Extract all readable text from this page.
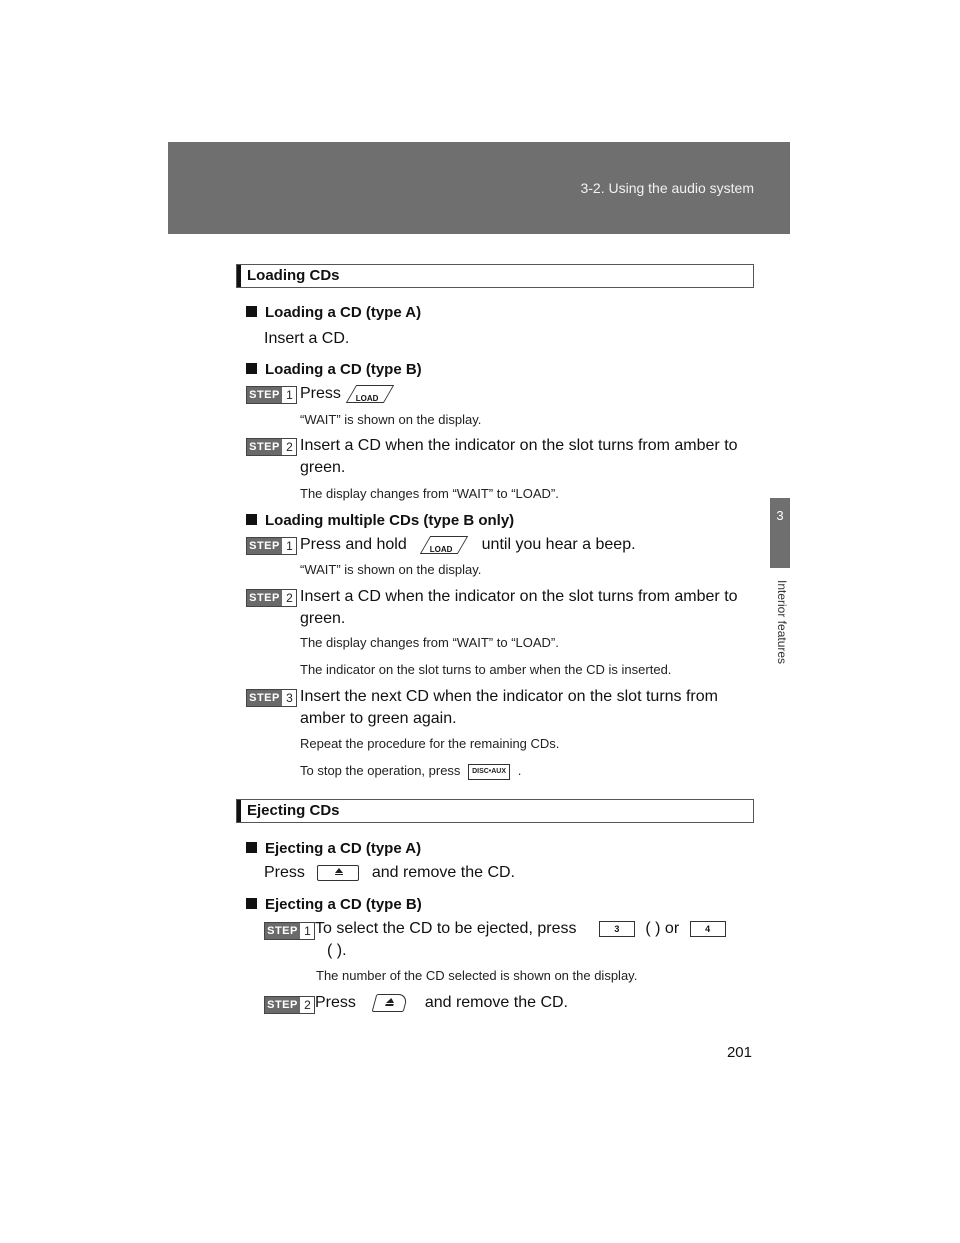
3-2. Using the audio system
3
Interior features
Loading CDs
Loading a CD (type A)
Insert a CD.
Loading a CD (type B)
STEP 1 Press	LOAD
“WAIT” is shown on the display.
STEP 2 Insert a CD when the indicator on the slot turns from amber to
green.
The display changes from “WAIT” to “LOAD”.
Loading multiple CDs (type B only)
STEP 1 Press and hold	LOAD	until you hear a beep.
“WAIT” is shown on the display.
STEP 2 Insert a CD when the indicator on the slot turns from amber to
green.
The display changes from “WAIT” to “LOAD”.
The indicator on the slot turns to amber when the CD is inserted.
STEP 3 Insert the next CD when the indicator on the slot turns from
amber to green again.
Repeat the procedure for the remaining CDs.
To stop the operation, press DISC•AUX .
Ejecting CDs
Ejecting a CD (type A)
Press	and remove the CD.
Ejecting a CD (type B)
STEP 1 To select the CD to be ejected, press	3 ( ) or	4
( ).
The number of the CD selected is shown on the display.
STEP 2 Press	and remove the CD.
201
